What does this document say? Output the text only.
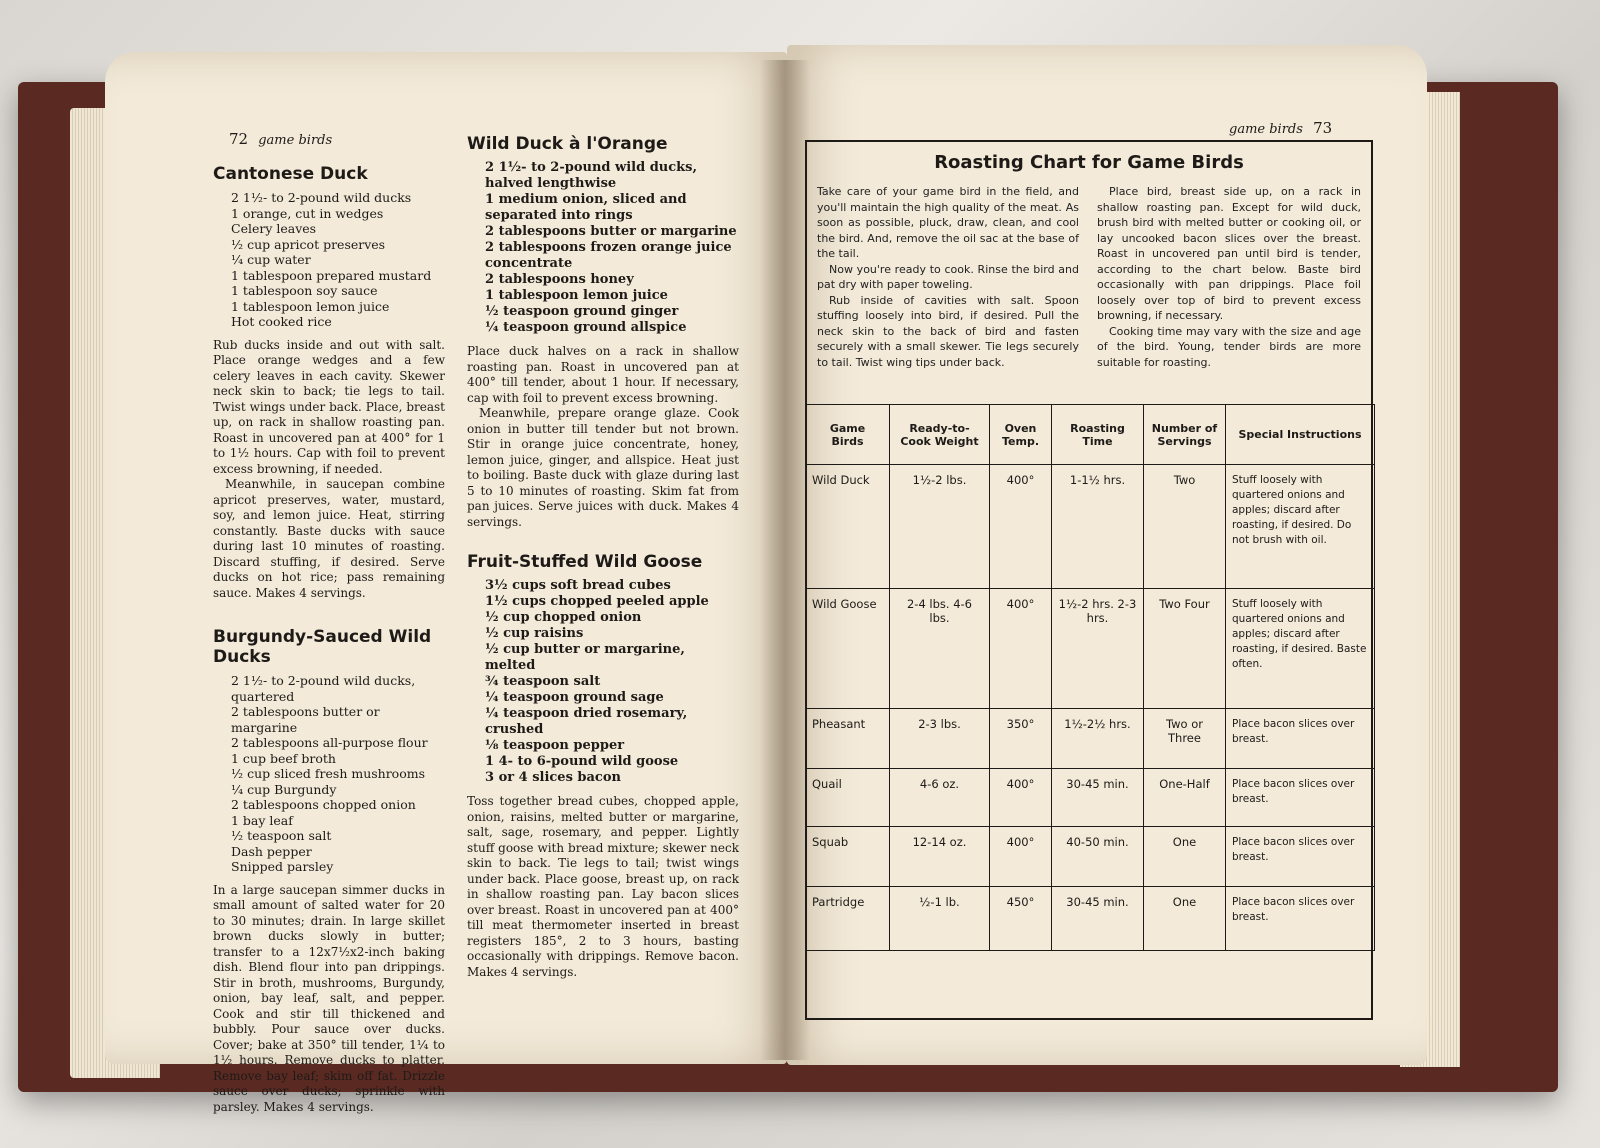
72 game birds
Cantonese Duck
2 1½- to 2-pound wild ducks
1 orange, cut in wedges
Celery leaves
½ cup apricot preserves
¼ cup water
1 tablespoon prepared mustard
1 tablespoon soy sauce
1 tablespoon lemon juice
Hot cooked rice

Rub ducks inside and out with salt. Place orange wedges and a few celery leaves in each cavity. Skewer neck skin to back; tie legs to tail. Twist wings under back. Place, breast up, on rack in shallow roasting pan. Roast in uncovered pan at 400° for 1 to 1½ hours. Cap with foil to prevent excess browning, if needed.

Meanwhile, in saucepan combine apricot preserves, water, mustard, soy, and lemon juice. Heat, stirring constantly. Baste ducks with sauce during last 10 minutes of roasting. Discard stuffing, if desired. Serve ducks on hot rice; pass remaining sauce. Makes 4 servings.

Burgundy-Sauced Wild Ducks
2 1½- to 2-pound wild ducks, quartered
2 tablespoons butter or margarine
2 tablespoons all-purpose flour
1 cup beef broth
½ cup sliced fresh mushrooms
¼ cup Burgundy
2 tablespoons chopped onion
1 bay leaf
½ teaspoon salt
Dash pepper
Snipped parsley

In a large saucepan simmer ducks in small amount of salted water for 20 to 30 minutes; drain. In large skillet brown ducks slowly in butter; transfer to a 12x7½x2-inch baking dish. Blend flour into pan drippings. Stir in broth, mushrooms, Burgundy, onion, bay leaf, salt, and pepper. Cook and stir till thickened and bubbly. Pour sauce over ducks. Cover; bake at 350° till tender, 1¼ to 1½ hours. Remove ducks to platter. Remove bay leaf; skim off fat. Drizzle sauce over ducks; sprinkle with parsley. Makes 4 servings.

Wild Duck à l'Orange
2 1½- to 2-pound wild ducks, halved lengthwise
1 medium onion, sliced and separated into rings
2 tablespoons butter or margarine
2 tablespoons frozen orange juice concentrate
2 tablespoons honey
1 tablespoon lemon juice
½ teaspoon ground ginger
¼ teaspoon ground allspice

Place duck halves on a rack in shallow roasting pan. Roast in uncovered pan at 400° till tender, about 1 hour. If necessary, cap with foil to prevent excess browning.

Meanwhile, prepare orange glaze. Cook onion in butter till tender but not brown. Stir in orange juice concentrate, honey, lemon juice, ginger, and allspice. Heat just to boiling. Baste duck with glaze during last 5 to 10 minutes of roasting. Skim fat from pan juices. Serve juices with duck. Makes 4 servings.

Fruit-Stuffed Wild Goose
3½ cups soft bread cubes
1½ cups chopped peeled apple
½ cup chopped onion
½ cup raisins
½ cup butter or margarine, melted
¾ teaspoon salt
¼ teaspoon ground sage
¼ teaspoon dried rosemary, crushed
⅛ teaspoon pepper
1 4- to 6-pound wild goose
3 or 4 slices bacon

Toss together bread cubes, chopped apple, onion, raisins, melted butter or margarine, salt, sage, rosemary, and pepper. Lightly stuff goose with bread mixture; skewer neck skin to back. Tie legs to tail; twist wings under back. Place goose, breast up, on rack in shallow roasting pan. Lay bacon slices over breast. Roast in uncovered pan at 400° till meat thermometer inserted in breast registers 185°, 2 to 3 hours, basting occasionally with drippings. Remove bacon. Makes 4 servings.

game birds 73
Roasting Chart for Game Birds

Take care of your game bird in the field, and you'll maintain the high quality of the meat. As soon as possible, pluck, draw, clean, and cool the bird. And, remove the oil sac at the base of the tail.

Now you're ready to cook. Rinse the bird and pat dry with paper toweling.

Rub inside of cavities with salt. Spoon stuffing loosely into bird, if desired. Pull the neck skin to the back of bird and fasten securely with a small skewer. Tie legs securely to tail. Twist wing tips under back.

Place bird, breast side up, on a rack in shallow roasting pan. Except for wild duck, brush bird with melted butter or cooking oil, or lay uncooked bacon slices over the breast. Roast in uncovered pan until bird is tender, according to the chart below. Baste bird occasionally with pan drippings. Place foil loosely over top of bird to prevent excess browning, if necessary.

Cooking time may vary with the size and age of the bird. Young, tender birds are more suitable for roasting.

Game Birds	Ready-to-Cook Weight	Oven Temp.	Roasting Time	Number of Servings	Special Instructions
Wild Duck	1½-2 lbs.	400°	1-1½ hrs.	Two	Stuff loosely with quartered onions and apples; discard after roasting, if desired. Do not brush with oil.
Wild Goose	2-4 lbs. 4-6 lbs.	400°	1½-2 hrs. 2-3 hrs.	Two Four	Stuff loosely with quartered onions and apples; discard after roasting, if desired. Baste often.
Pheasant	2-3 lbs.	350°	1½-2½ hrs.	Two or Three	Place bacon slices over breast.
Quail	4-6 oz.	400°	30-45 min.	One-Half	Place bacon slices over breast.
Squab	12-14 oz.	400°	40-50 min.	One	Place bacon slices over breast.
Partridge	½-1 lb.	450°	30-45 min.	One	Place bacon slices over breast.
